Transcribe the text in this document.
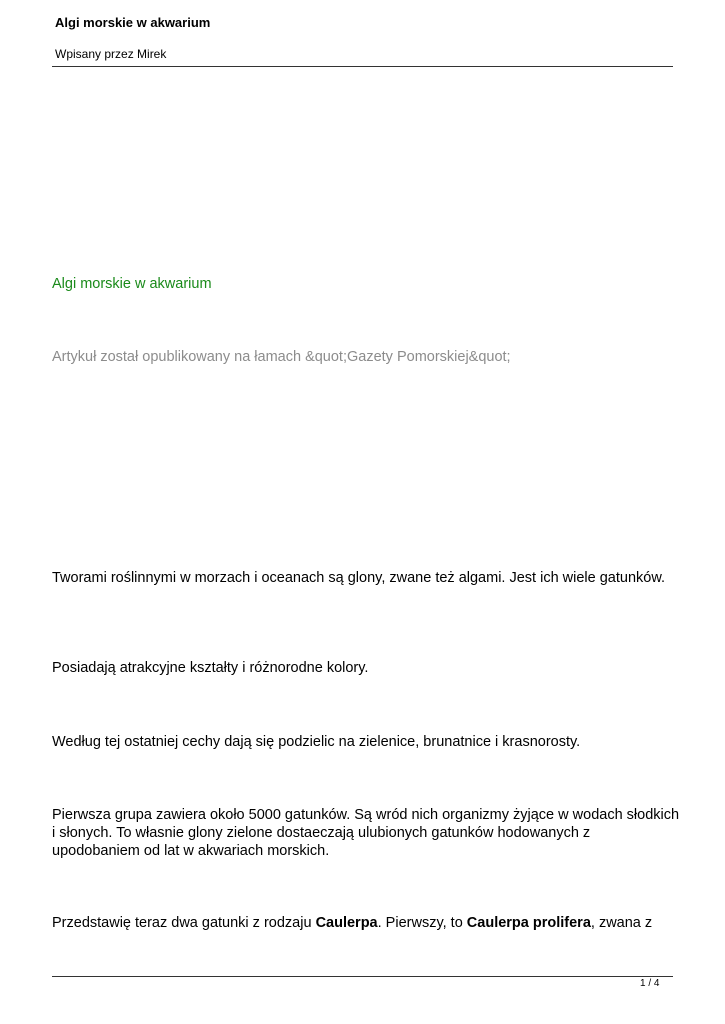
Algi morskie w akwarium
Wpisany przez Mirek
Algi morskie w akwarium
Artykuł został opublikowany na łamach &quot;Gazety Pomorskiej&quot;
Tworami roślinnymi w morzach i oceanach są glony, zwane też algami. Jest ich wiele gatunków.
Posiadają atrakcyjne kształty i różnorodne kolory.
Według tej ostatniej cechy dają się podzielic na zielenice, brunatnice i krasnorosty.
Pierwsza grupa zawiera około 5000 gatunków. Są wród nich organizmy żyjące w wodach słodkich i słonych. To własnie glony zielone dostaeczają ulubionych gatunków hodowanych z upodobaniem od lat w akwariach morskich.
Przedstawię teraz dwa gatunki z rodzaju Caulerpa. Pierwszy, to Caulerpa prolifera, zwana z
1 / 4
